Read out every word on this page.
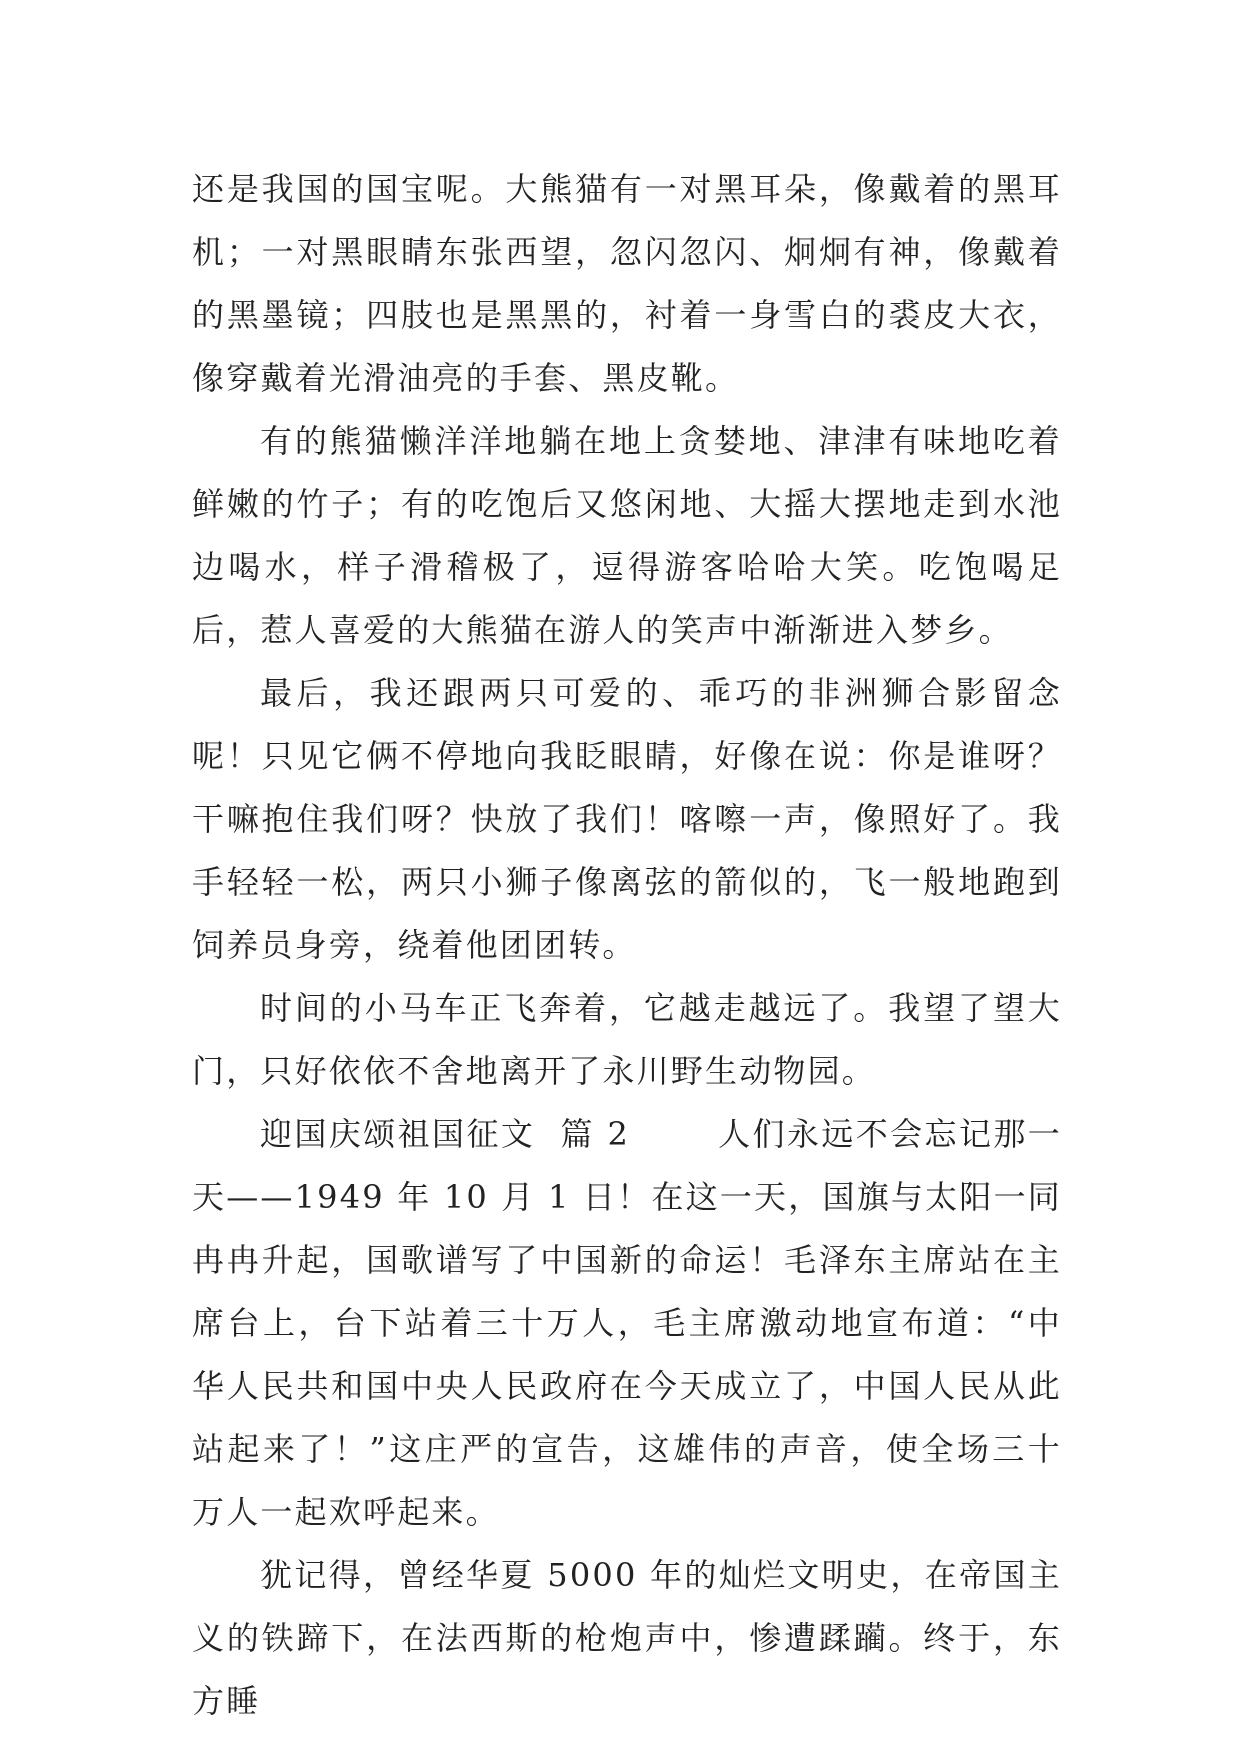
还是我国的国宝呢。大熊猫有一对黑耳朵，像戴着的黑耳机；一对黑眼睛东张西望，忽闪忽闪、炯炯有神，像戴着的黑墨镜；四肢也是黑黑的，衬着一身雪白的裘皮大衣，像穿戴着光滑油亮的手套、黑皮靴。

有的熊猫懒洋洋地躺在地上贪婪地、津津有味地吃着鲜嫩的竹子；有的吃饱后又悠闲地、大摇大摆地走到水池边喝水，样子滑稽极了，逗得游客哈哈大笑。吃饱喝足后，惹人喜爱的大熊猫在游人的笑声中渐渐进入梦乡。

最后，我还跟两只可爱的、乖巧的非洲狮合影留念呢！只见它俩不停地向我眨眼睛，好像在说：你是谁呀？干嘛抱住我们呀？快放了我们！喀嚓一声，像照好了。我手轻轻一松，两只小狮子像离弦的箭似的，飞一般地跑到饲养员身旁，绕着他团团转。

时间的小马车正飞奔着，它越走越远了。我望了望大门，只好依依不舍地离开了永川野生动物园。

迎国庆颂祖国征文  篇 2	人们永远不会忘记那一天——1949 年 10 月 1 日！在这一天，国旗与太阳一同冉冉升起，国歌谱写了中国新的命运！毛泽东主席站在主席台上，台下站着三十万人，毛主席激动地宣布道：“中华人民共和国中央人民政府在今天成立了，中国人民从此站起来了！”这庄严的宣告，这雄伟的声音，使全场三十万人一起欢呼起来。

犹记得，曾经华夏 5000 年的灿烂文明史，在帝国主义的铁蹄下，在法西斯的枪炮声中，惨遭蹂躏。终于，东方睡
